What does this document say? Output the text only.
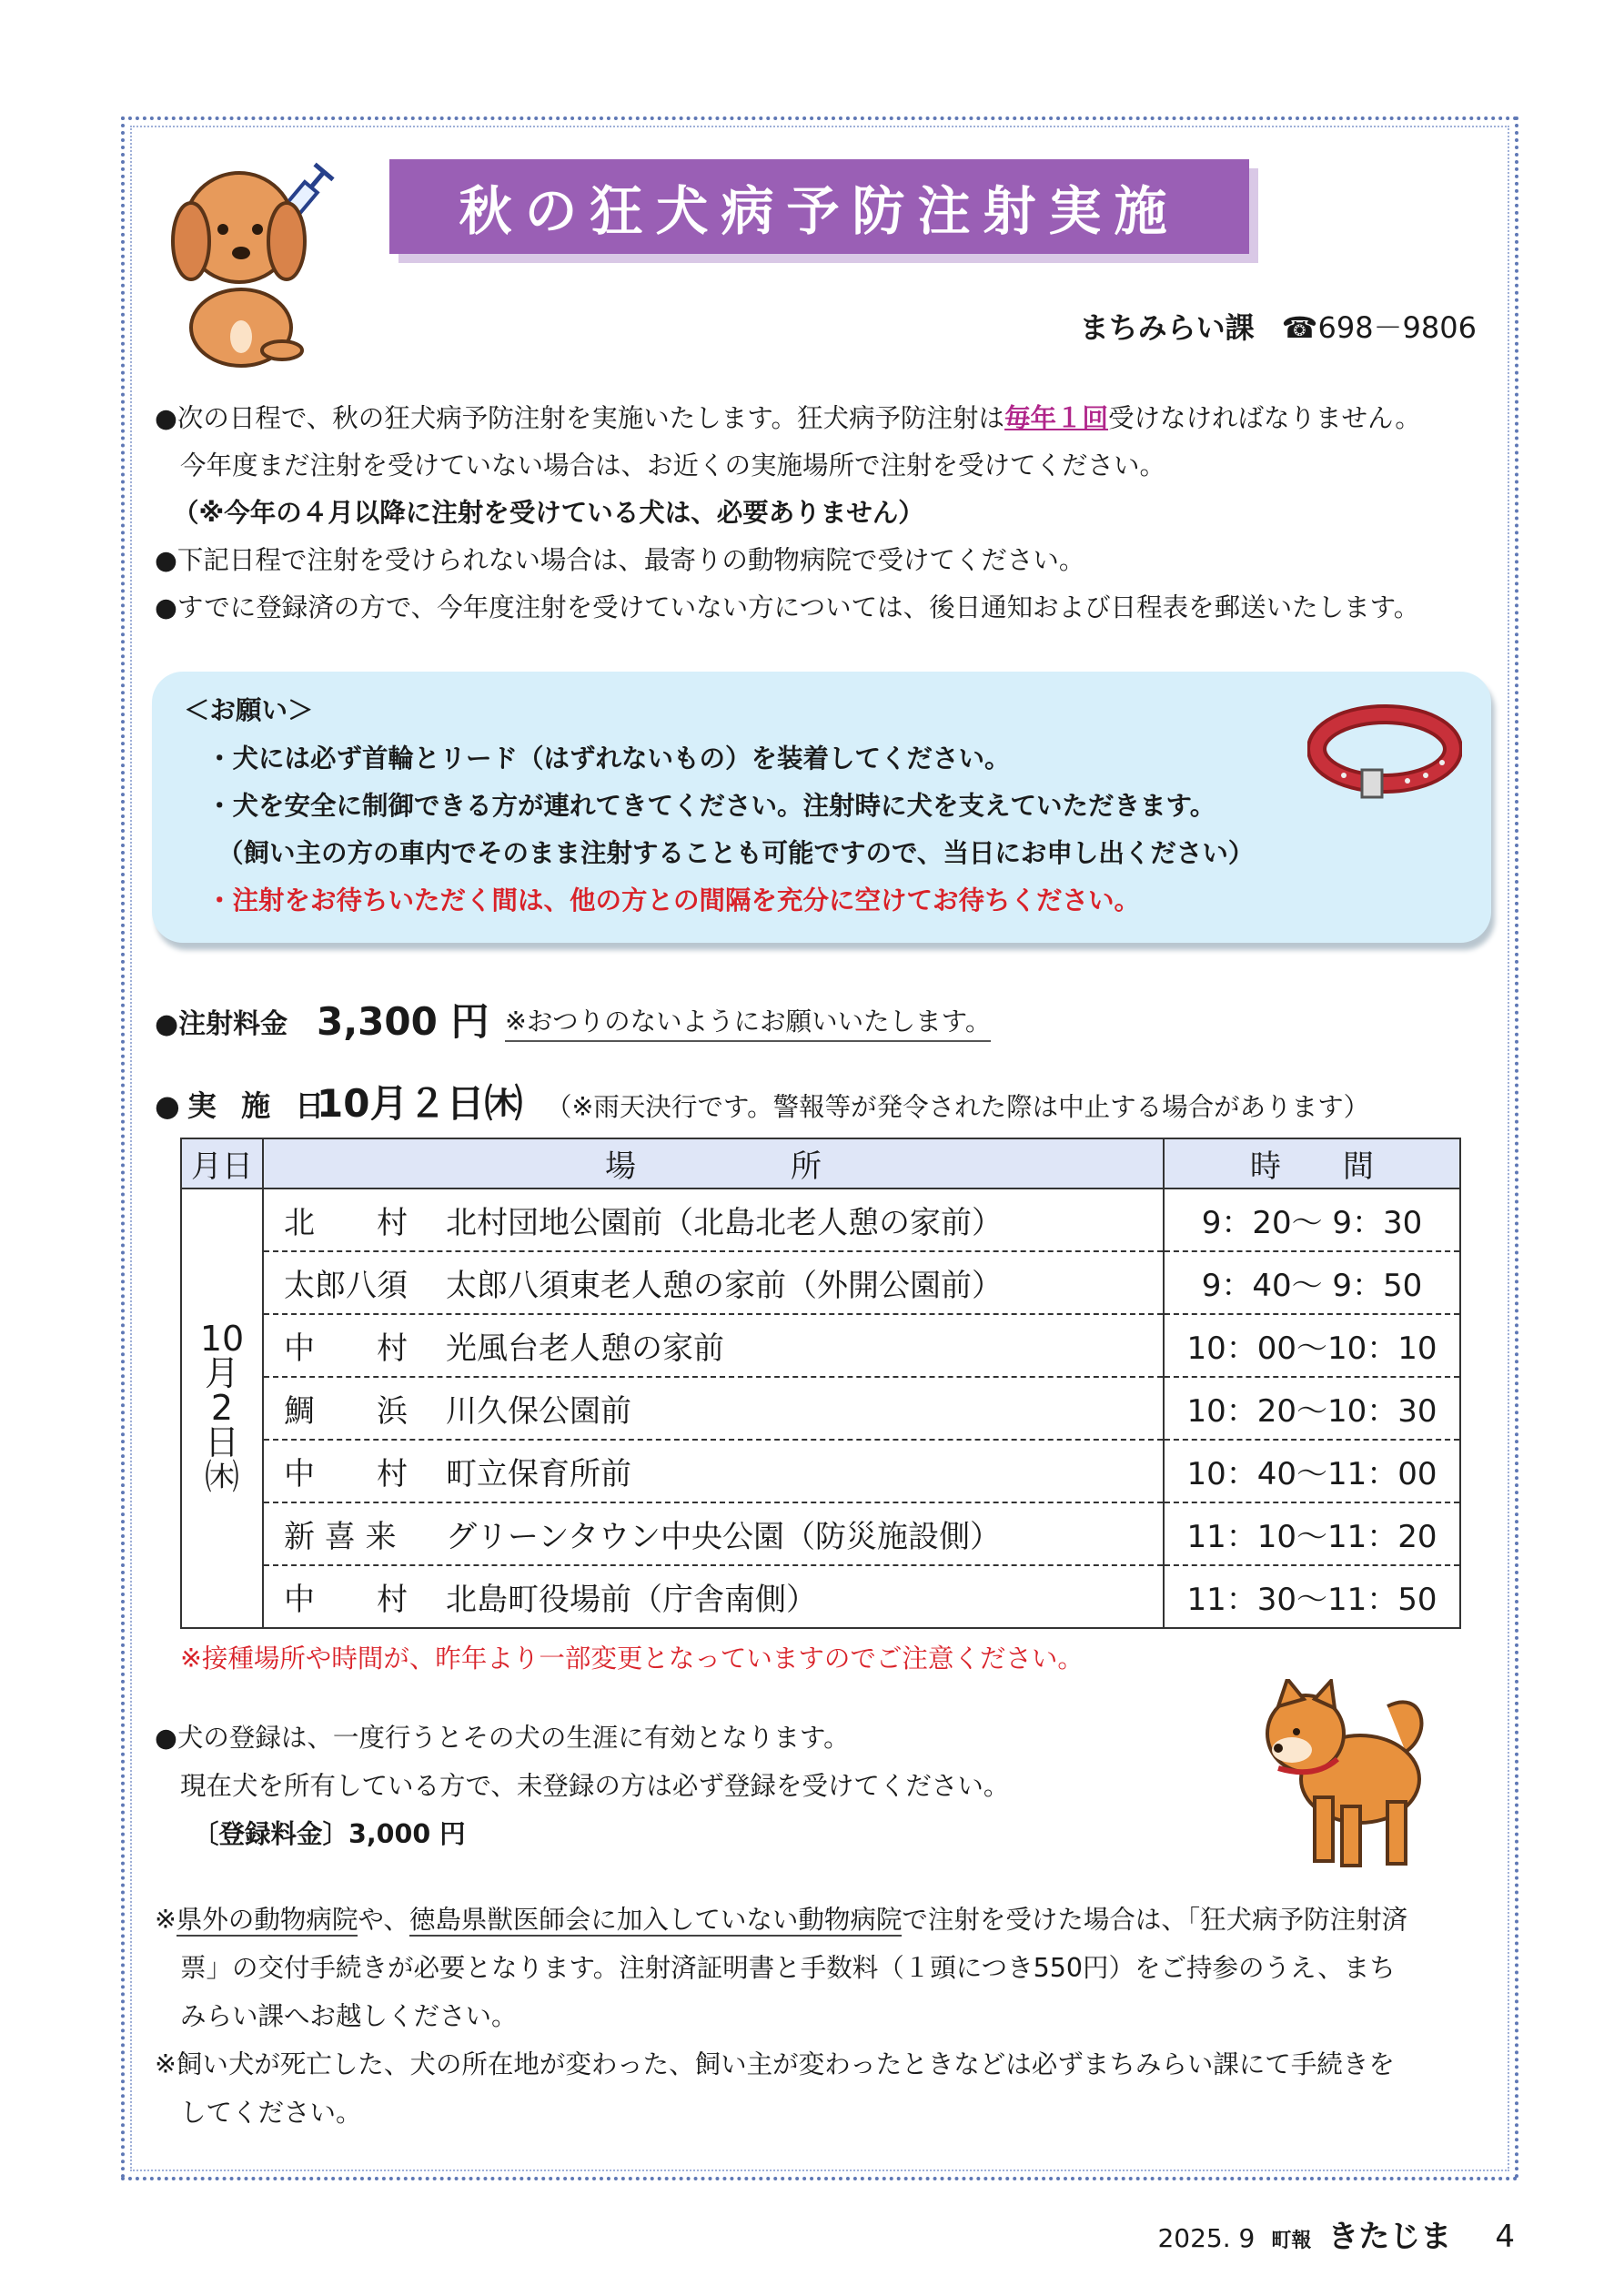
秋の狂犬病予防注射実施
まちみらい課 ☎698－9806
●次の日程で、秋の狂犬病予防注射を実施いたします。狂犬病予防注射は毎年１回受けなければなりません。
今年度まだ注射を受けていない場合は、お近くの実施場所で注射を受けてください。
（※今年の４月以降に注射を受けている犬は、必要ありません）
●下記日程で注射を受けられない場合は、最寄りの動物病院で受けてください。
●すでに登録済の方で、今年度注射を受けていない方については、後日通知および日程表を郵送いたします。
＜お願い＞
・犬には必ず首輪とリード（はずれないもの）を装着してください。
・犬を安全に制御できる方が連れてきてください。注射時に犬を支えていただきます。
（飼い主の方の車内でそのまま注射することも可能ですので、当日にお申し出ください）
・注射をお待ちいただく間は、他の方との間隔を充分に空けてお待ちください。
●注射料金 3,300 円 ※おつりのないようにお願いいたします。
●実 施 日
10月２日㈭ （※雨天決行です。警報等が発令された際は中止する場合があります）
月日	場　　　　　所	時　　間
10月2日㈭	北　　村 北村団地公園前（北島北老人憩の家前）	9：20～ 9：30
	太郎八須 太郎八須東老人憩の家前（外開公園前）	9：40～ 9：50
	中　　村 光風台老人憩の家前	10：00～10：10
	鯛　　浜 川久保公園前	10：20～10：30
	中　　村 町立保育所前	10：40～11：00
	新 喜 来 グリーンタウン中央公園（防災施設側）	11：10～11：20
	中　　村 北島町役場前（庁舎南側）	11：30～11：50
※接種場所や時間が、昨年より一部変更となっていますのでご注意ください。
●犬の登録は、一度行うとその犬の生涯に有効となります。
現在犬を所有している方で、未登録の方は必ず登録を受けてください。
〔登録料金〕3,000 円
※県外の動物病院や、徳島県獣医師会に加入していない動物病院で注射を受けた場合は、「狂犬病予防注射済
票」の交付手続きが必要となります。注射済証明書と手数料（１頭につき550円）をご持参のうえ、まち
みらい課へお越しください。
※飼い犬が死亡した、犬の所在地が変わった、飼い主が変わったときなどは必ずまちみらい課にて手続きを
してください。
2025. 9 町報 きたじま 4
